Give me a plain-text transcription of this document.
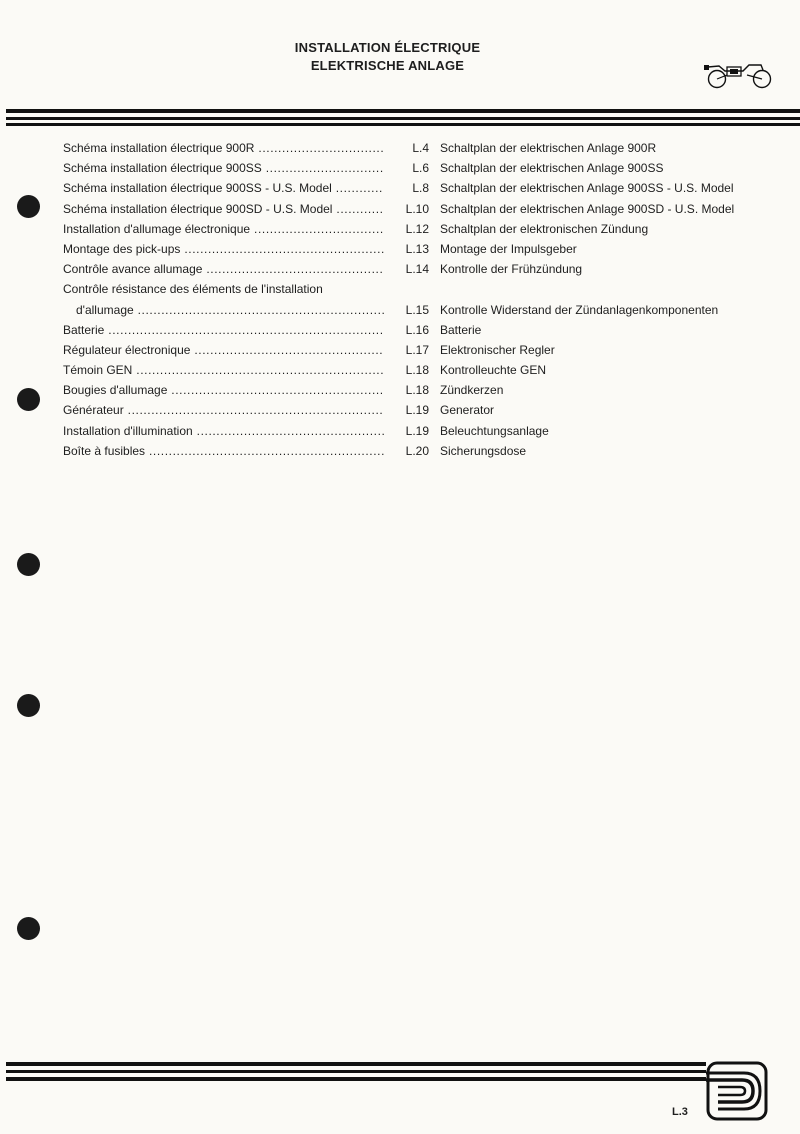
INSTALLATION ÉLECTRIQUE
ELEKTRISCHE ANLAGE
Schéma installation électrique 900R .....	L.4 Schaltplan der elektrischen Anlage 900R
Schéma installation électrique 900SS .....	L.6 Schaltplan der elektrischen Anlage 900SS
Schéma installation électrique 900SS - U.S. Model .....	L.8 Schaltplan der elektrischen Anlage 900SS - U.S. Model
Schéma installation électrique 900SD - U.S. Model .....	L.10 Schaltplan der elektrischen Anlage 900SD - U.S. Model
Installation d'allumage électronique .....	L.12 Schaltplan der elektronischen Zündung
Montage des pick-ups .....	L.13 Montage der Impulsgeber
Contrôle avance allumage .....	L.14 Kontrolle der Frühzündung
Contrôle résistance des éléments de l'installation
d'allumage .....	L.15 Kontrolle Widerstand der Zündanlagenkomponenten
Batterie .....	L.16 Batterie
Régulateur électronique .....	L.17 Elektronischer Regler
Témoin GEN .....	L.18 Kontrolleuchte GEN
Bougies d'allumage .....	L.18 Zündkerzen
Générateur .....	L.19 Generator
Installation d'illumination .....	L.19 Beleuchtungsanlage
Boîte à fusibles .....	L.20 Sicherungsdose
L.3
